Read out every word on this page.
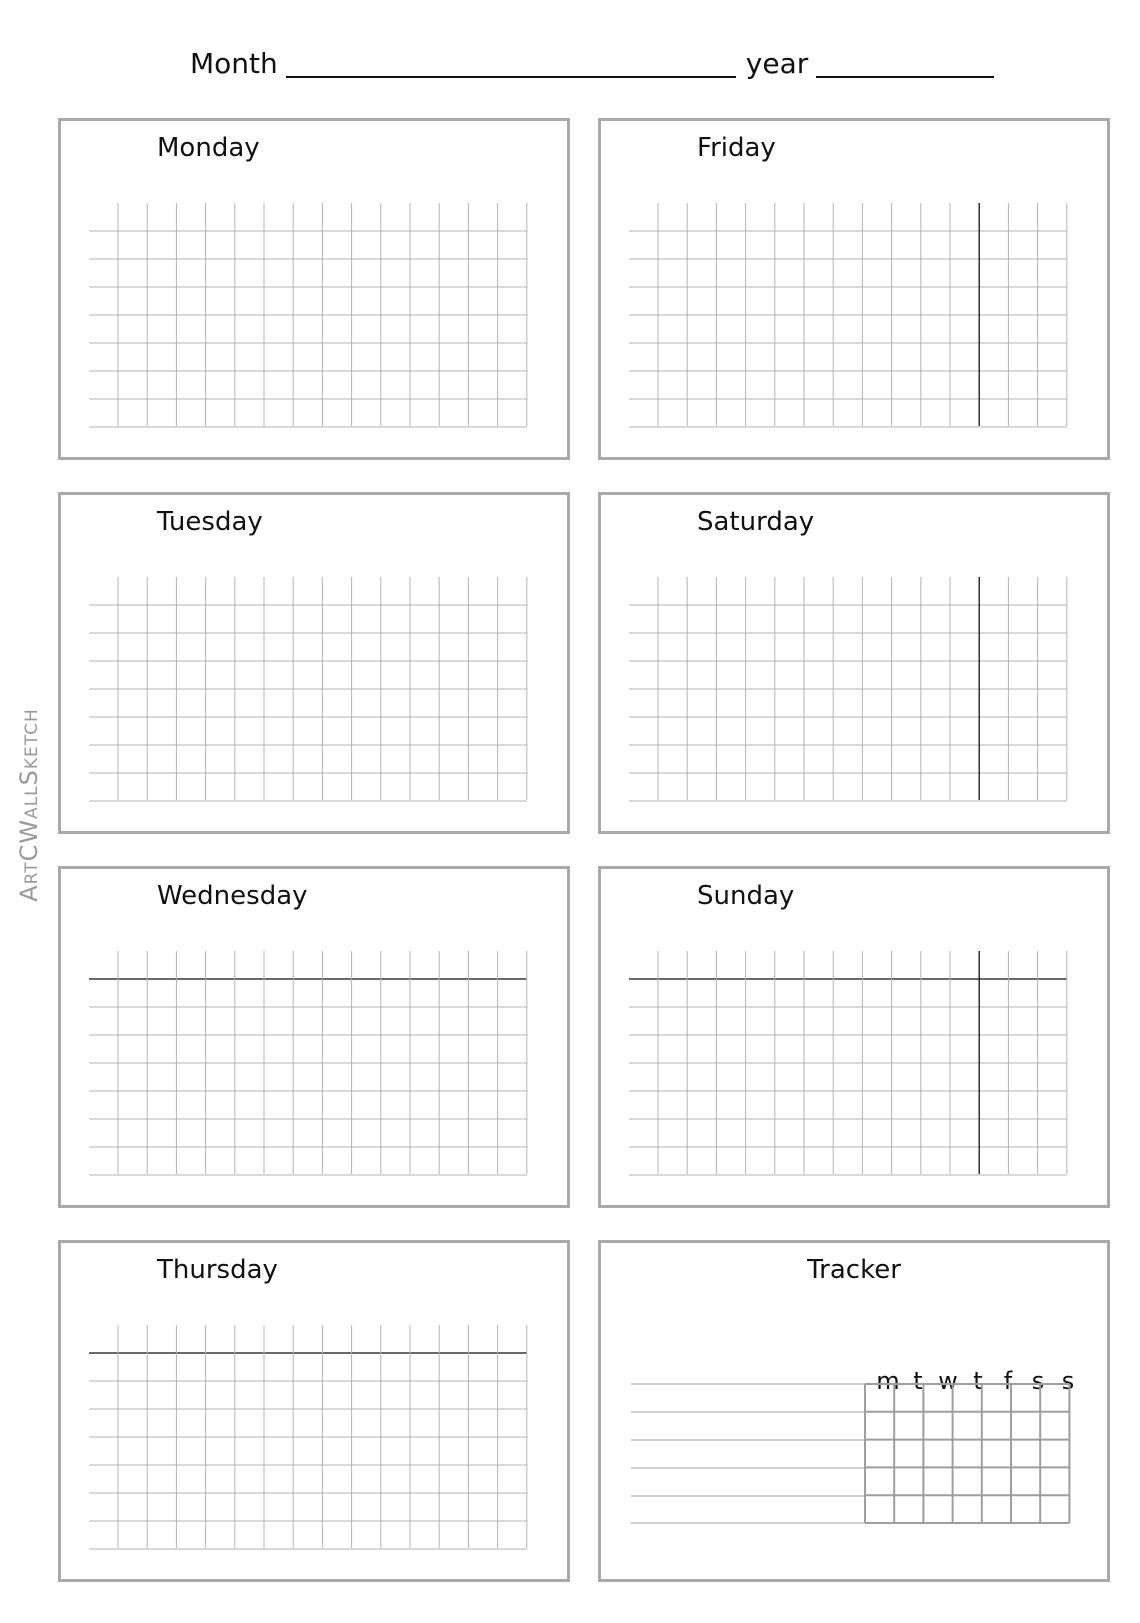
Month	year
ArtCWallSketch
Monday
Tuesday
Wednesday
Thursday
Friday
Saturday
Sunday
Tracker
m t w t f s s
